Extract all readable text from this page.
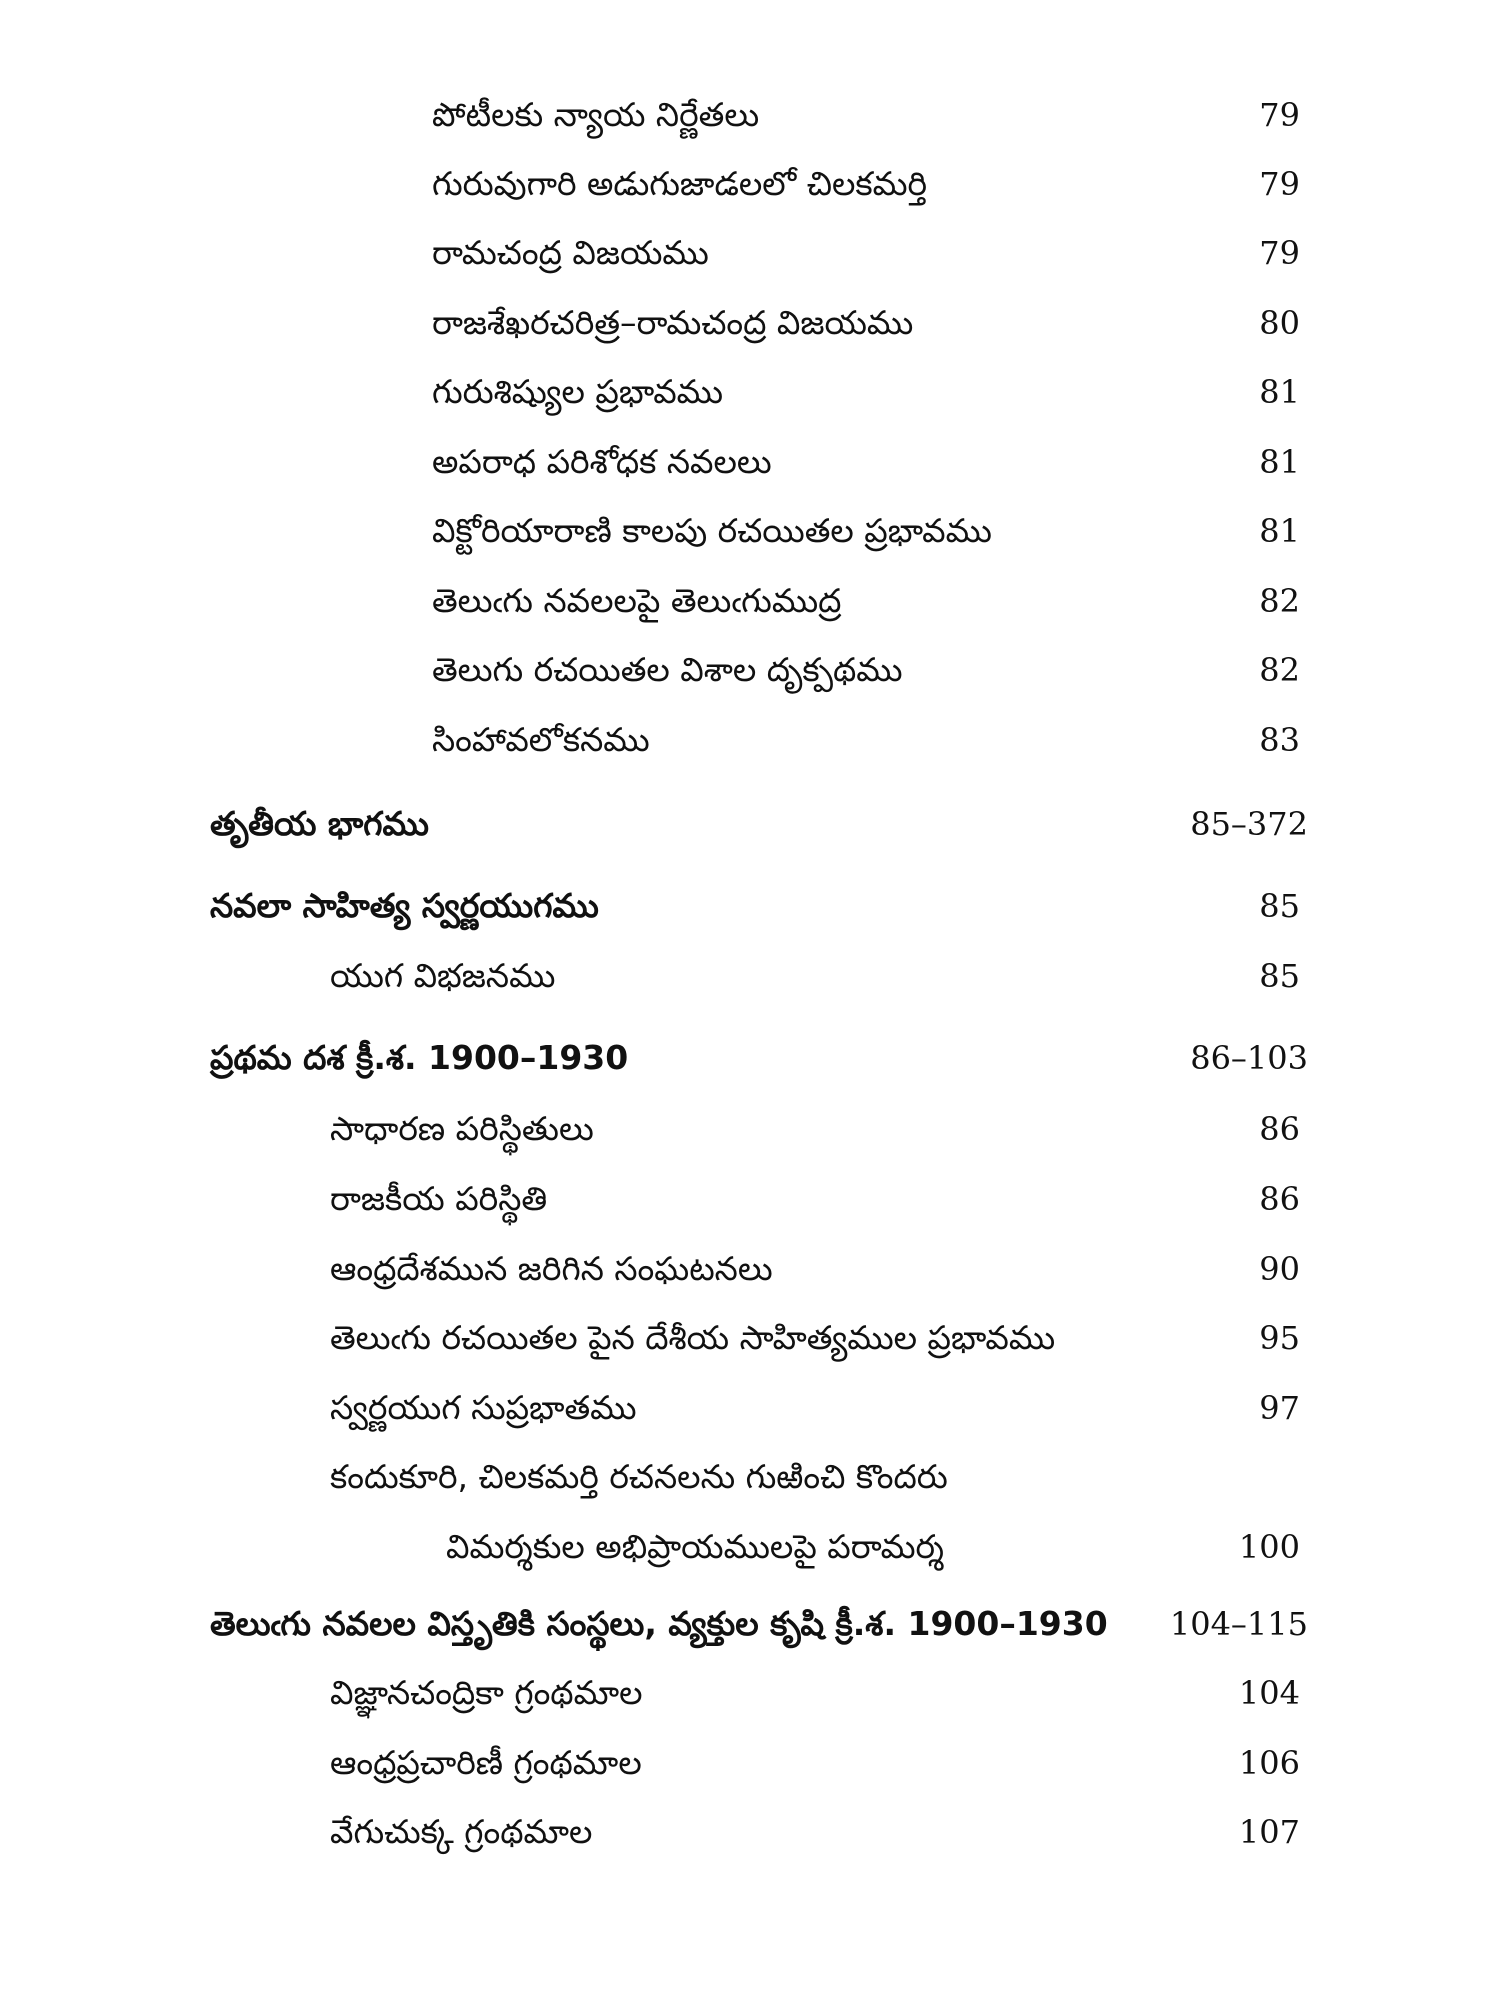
పోటీలకు న్యాయ నిర్ణేతలు	79
గురువుగారి అడుగుజాడలలో చిలకమర్తి	79
రామచంద్ర విజయము	79
రాజశేఖరచరిత్ర–రామచంద్ర విజయము	80
గురుశిష్యుల ప్రభావము	81
అపరాధ పరిశోధక నవలలు	81
విక్టోరియారాణి కాలపు రచయితల ప్రభావము	81
తెలుఁగు నవలలపై తెలుఁగుముద్ర	82
తెలుగు రచయితల విశాల దృక్పథము	82
సింహావలోకనము	83
తృతీయ భాగము	85–372
నవలా సాహిత్య స్వర్ణయుగము	85
యుగ విభజనము	85
ప్రథమ దశ క్రీ.శ. 1900–1930	86–103
సాధారణ పరిస్థితులు	86
రాజకీయ పరిస్థితి	86
ఆంధ్రదేశమున జరిగిన సంఘటనలు	90
తెలుఁగు రచయితల పైన దేశీయ సాహిత్యముల ప్రభావము	95
స్వర్ణయుగ సుప్రభాతము	97
కందుకూరి, చిలకమర్తి రచనలను గుఱించి కొందరు
విమర్శకుల అభిప్రాయములపై పరామర్శ	100
తెలుఁగు నవలల విస్తృతికి సంస్థలు, వ్యక్తుల కృషి క్రీ.శ. 1900–1930 104–115
విజ్ఞానచంద్రికా గ్రంథమాల	104
ఆంధ్రప్రచారిణీ గ్రంథమాల	106
వేగుచుక్క గ్రంథమాల	107
